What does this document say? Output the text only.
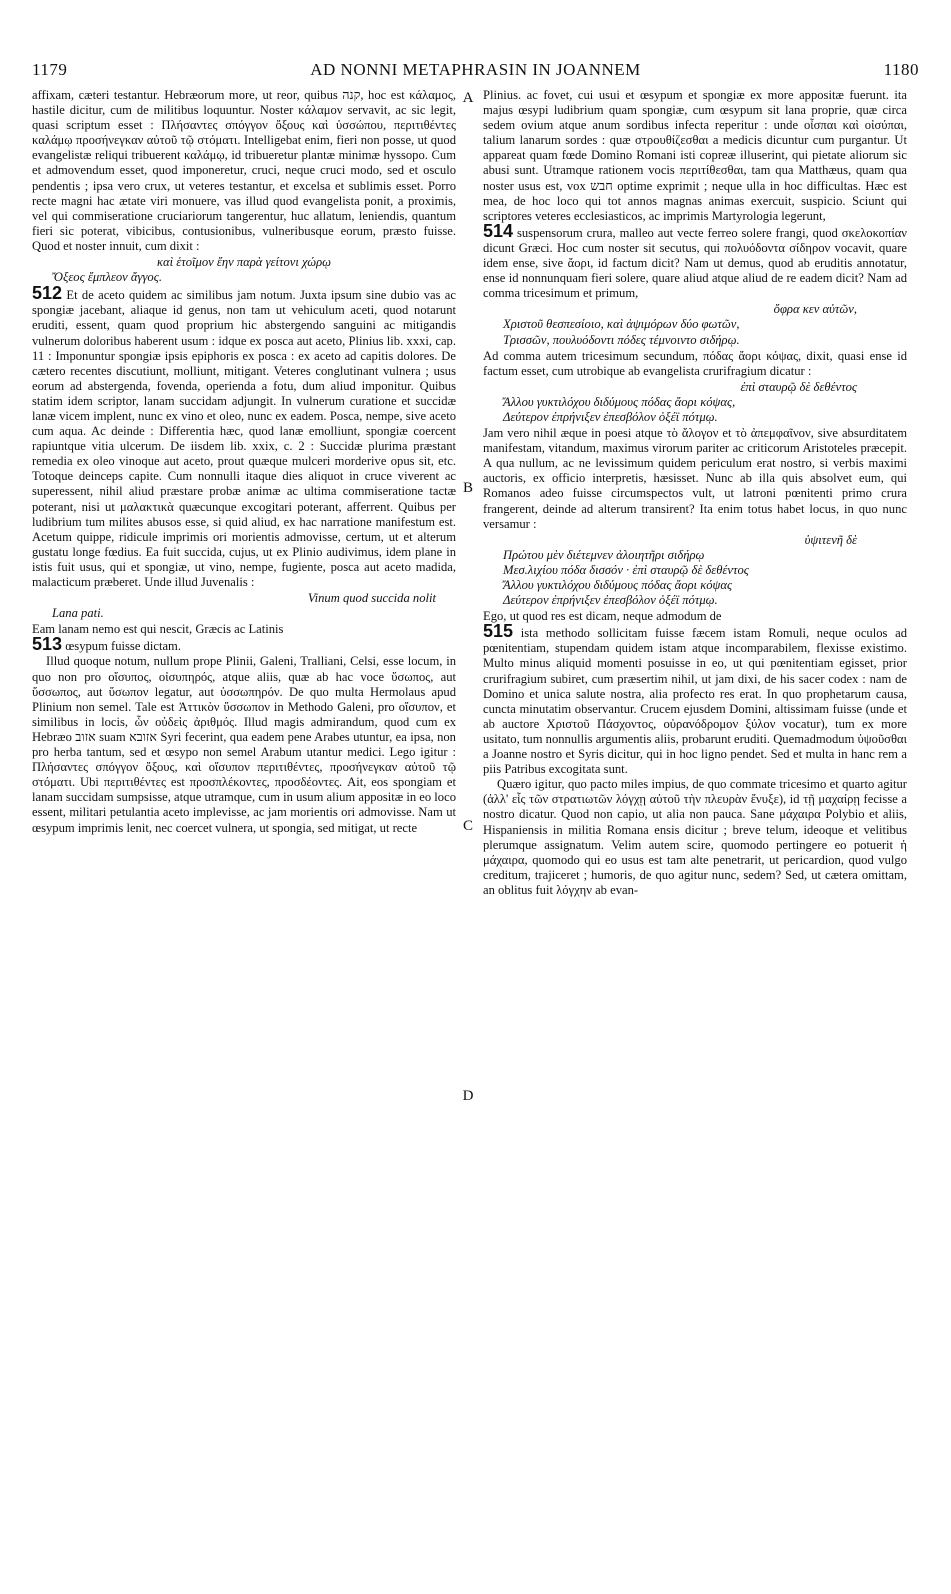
1179	AD NONNI METAPHRASIN IN JOANNEM	1180

affixam, cæteri testantur. Hebræorum more, ut reor, quibus קנה, hoc est κάλαμος, hastile dicitur, cum de militibus loquuntur. Noster κάλαμον servavit, ac sic legit, quasi scriptum esset : Πλήσαντες σπόγγον ὄξους καὶ ὑσσώπου, περιτιθέντες καλάμῳ προσήνεγκαν αὐτοῦ τῷ στόματι. Intelligebat enim, fieri non posse, ut quod evangelistæ reliqui tribuerent καλάμῳ, id tribueretur plantæ minimæ hyssopo. Cum et admovendum esset, quod imponeretur, cruci, neque cruci modo, sed et osculo pendentis ; ipsa vero crux, ut veteres testantur, et excelsa et sublimis esset. Porro recte magni hac ætate viri monuere, vas illud quod evangelista ponit, a proximis, vel qui commiseratione cruciariorum tangerentur, huc allatum, leniendis, quantum fieri sic poterat, vibicibus, contusionibus, vulneribusque eorum, præsto fuisse. Quod et noster innuit, cum dixit :

καὶ ἑτοῖμον ἔην παρὰ γείτονι χώρῳ
Ὄξεος ἔμπλεον ἄγγος.

512 Et de aceto quidem ac similibus jam notum. Juxta ipsum sine dubio vas ac spongiæ jacebant, aliaque id genus, non tam ut vehiculum aceti, quod notarunt eruditi, essent, quam quod proprium hic abstergendo sanguini ac mitigandis vulnerum doloribus haberent usum : idque ex posca aut aceto, Plinius lib. xxxi, cap. 11 : Imponuntur spongiæ ipsis epiphoris ex posca : ex aceto ad capitis dolores. De cætero recentes discutiunt, molliunt, mitigant. Veteres conglutinant vulnera ; usus eorum ad abstergenda, fovenda, operienda a fotu, dum aliud imponitur. Quibus statim idem scriptor, lanam succidam adjungit. In vulnerum curatione et succidæ lanæ vicem implent, nunc ex vino et oleo, nunc ex eadem. Posca, nempe, sive aceto cum aqua. Ac deinde : Differentia hæc, quod lanæ emolliunt, spongiæ coercent rapiuntque vitia ulcerum. De iisdem lib. xxix, c. 2 : Succidæ plurima præstant remedia ex oleo vinoque aut aceto, prout quæque mulceri morderive opus sit, etc. Totoque deinceps capite. Cum nonnulli itaque dies aliquot in cruce viverent ac superessent, nihil aliud præstare probæ animæ ac ultima commiseratione tactæ poterant, nisi ut μαλακτικὰ quæcunque excogitari poterant, afferrent. Quibus per ludibrium tum milites abusos esse, si quid aliud, ex hac narratione manifestum est. Acetum quippe, ridicule imprimis ori morientis admovisse, certum, ut et alterum gustatu longe fœdius. Ea fuit succida, cujus, ut ex Plinio audivimus, idem plane in istis fuit usus, qui et spongiæ, ut vino, nempe, fugiente, posca aut aceto madida, malacticum præberet. Unde illud Juvenalis :

Vinum quod succida nolit
Lana pati.

Eam lanam nemo est qui nescit, Græcis ac Latinis

513 œsypum fuisse dictam.

Illud quoque notum, nullum prope Plinii, Galeni, Tralliani, Celsi, esse locum, in quo non pro οἴσυπος, οἰσυπηρός, atque aliis, quæ ab hac voce ὕσωπος, aut ὕσσωπος, aut ὕσωπον legatur, aut ὑσσωπηρόν. De quo multa Hermolaus apud Plinium non semel. Tale est Ἀττικὸν ὕσσωπον in Methodo Galeni, pro οἴσυπον, et similibus in locis, ὧν οὐδεὶς ἀριθμός. Illud magis admirandum, quod cum ex Hebræo אזוב suam אזובא Syri fecerint, qua eadem pene Arabes utuntur, ea ipsa, non pro herba tantum, sed et œsypo non semel Arabum utantur medici. Lego igitur : Πλήσαντες σπόγγον ὄξους, καὶ οἴσυπον περιτιθέντες, προσήνεγκαν αὐτοῦ τῷ στόματι. Ubi περιτιθέντες est προσπλέκοντες, προσδέοντες. Ait, eos spongiam et lanam succidam sumpsisse, atque utramque, cum in usum alium appositæ in eo loco essent, militari petulantia aceto implevisse, ac jam morientis ori admovisse. Nam ut œsypum imprimis lenit, nec coercet vulnera, ut spongia, sed mitigat, ut recte

Plinius. ac fovet, cui usui et œsypum et spongiæ ex more appositæ fuerunt. ita majus œsypi ludibrium quam spongiæ, cum œsypum sit lana proprie, quæ circa sedem ovium atque anum sordibus infecta reperitur : unde οἶσπαι καὶ οἰσύπαι, talium lanarum sordes : quæ στρουθίζεσθαι a medicis dicuntur cum purgantur. Ut appareat quam fœde Domino Romani isti copreæ illuserint, qui pietate aliorum sic abusi sunt. Utramque rationem vocis περιτίθεσθαι, tam qua Matthæus, quam qua noster usus est, vox חבש optime exprimit ; neque ulla in hoc difficultas. Hæc est mea, de hoc loco qui tot annos magnas animas exercuit, suspicio. Sciunt qui scriptores veteres ecclesiasticos, ac imprimis Martyrologia legerunt,

514 suspensorum crura, malleo aut vecte ferreo solere frangi, quod σκελοκοπίαν dicunt Græci. Hoc cum noster sit secutus, qui πολυόδοντα σίδηρον vocavit, quare idem ense, sive ἄορι, id factum dicit? Nam ut demus, quod ab eruditis annotatur, ense id nonnunquam fieri solere, quare aliud atque aliud de re eadem dicit? Nam ad comma tricesimum et primum,

ὄφρα κεν αὐτῶν,
Χριστοῦ θεσπεσίοιο, καὶ ἀψιμόρων δύο φωτῶν,
Τρισσῶν, πουλυόδοντι πόδες τέμνοιντο σιδήρῳ.

Ad comma autem tricesimum secundum, πόδας ἄορι κόψας, dixit, quasi ense id factum esset, cum utrobique ab evangelista crurifragium dicatur :

ἐπὶ σταυρῷ δὲ δεθέντος
Ἄλλου γυκτιλόχου διδύμους πόδας ἄορι κόψας,
Δεύτερον ἐπρήνιξεν ἐπεσβόλον ὀξέϊ πότμῳ.

Jam vero nihil æque in poesi atque τὸ ἄλογον et τὸ ἀπεμφαῖνον, sive absurditatem manifestam, vitandum, maximus virorum pariter ac criticorum Aristoteles præcepit. A qua nullum, ac ne levissimum quidem periculum erat nostro, si verbis maximi auctoris, ex officio interpretis, hæsisset. Nunc ab illa quis absolvet eum, qui Romanos adeo fuisse circumspectos vult, ut latroni pœnitenti primo crura frangerent, deinde ad alterum transirent? Ita enim totus habet locus, in quo nunc versamur :

ὑψιτενῆ δὲ
Πρώτου μὲν διέτεμνεν ἀλοιητῆρι σιδήρῳ
Μεσ.λιχίου πόδα δισσόν · ἐπὶ σταυρῷ δὲ δεθέντος
Ἄλλου γυκτιλόχου διδύμους πόδας ἄορι κόψας
Δεύτερον ἐπρήνιξεν ἐπεσβόλον ὀξέϊ πότμῳ.

Ego, ut quod res est dicam, neque admodum de

515 ista methodo sollicitam fuisse fæcem istam Romuli, neque oculos ad pœnitentiam, stupendam quidem istam atque incomparabilem, flexisse existimo. Multo minus aliquid momenti posuisse in eo, ut qui pœnitentiam egisset, prior crurifragium subiret, cum præsertim nihil, ut jam dixi, de his sacer codex : nam de Domino et unica salute nostra, alia profecto res erat. In quo prophetarum causa, cuncta minutatim observantur. Crucem ejusdem Domini, altissimam fuisse (unde et ab auctore Χριστοῦ Πάσχοντος, οὐρανόδρομον ξύλον vocatur), tum ex more usitato, tum nonnullis argumentis aliis, probarunt eruditi. Quemadmodum ὑψοῦσθαι a Joanne nostro et Syris dicitur, qui in hoc ligno pendet. Sed et multa in hanc rem a piis Patribus excogitata sunt.

Quæro igitur, quo pacto miles impius, de quo commate tricesimo et quarto agitur (ἀλλ' εἷς τῶν στρατιωτῶν λόγχῃ αὐτοῦ τὴν πλευρὰν ἔνυξε), id τῇ μαχαίρῃ fecisse a nostro dicatur. Quod non capio, ut alia non pauca. Sane μάχαιρα Polybio et aliis, Hispaniensis in militia Romana ensis dicitur ; breve telum, ideoque et velitibus plerumque assignatum. Velim autem scire, quomodo pertingere eo potuerit ἡ μάχαιρα, quomodo qui eo usus est tam alte penetrarit, ut pericardion, quod vulgo creditum, trajiceret ; humoris, de quo agitur nunc, sedem? Sed, ut cætera omittam, an oblitus fuit λόγχην ab evan-

A
B
C
D
